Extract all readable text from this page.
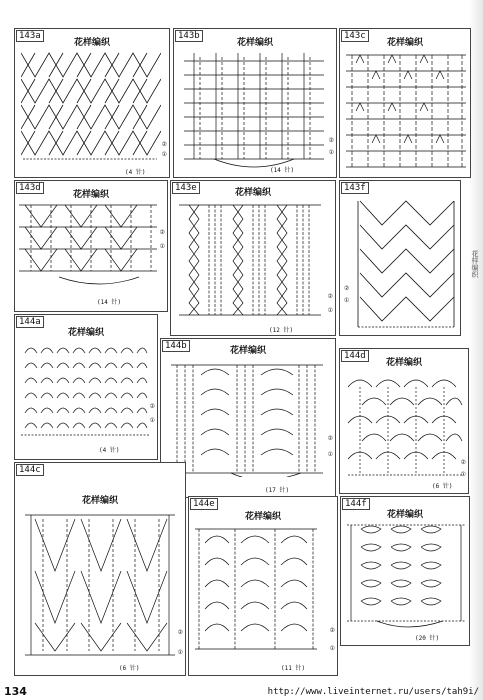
143a
花样编织
②
①
(4 针)
143b
花样编织
②
①
(14 针)
143c
花样编织
143d
花样编织
②
①
(14 针)
143e	花样编织
②
①
(12 针)
143f
②
①
144a
花样编织
②
①
(4 针)
144b	花样编织
②
①
(17 针)
144d
花样编织
②
①
(6 针)
144c
花样编织
②
①
(6 针)
144e
花样编织
②
①
(11 针)
144f
花样编织
(20 针)
花样编织
134	http://www.liveinternet.ru/users/tah9i/
